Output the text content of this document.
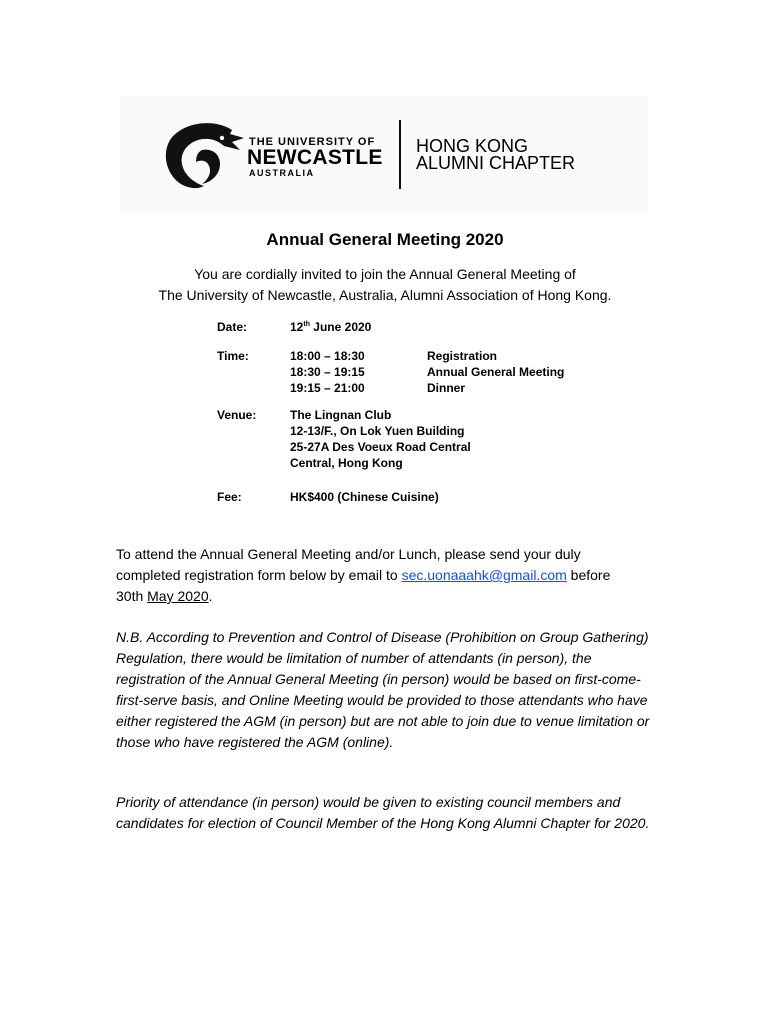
THE UNIVERSITY OF
NEWCASTLE
AUSTRALIA
HONG KONG
ALUMNI CHAPTER
Annual General Meeting 2020
You are cordially invited to join the Annual General Meeting of
The University of Newcastle, Australia, Alumni Association of Hong Kong.
Date:	12th June 2020
Time:	18:00 – 18:30	Registration
18:30 – 19:15	Annual General Meeting
19:15 – 21:00	Dinner
Venue:	The Lingnan Club
12-13/F., On Lok Yuen Building
25-27A Des Voeux Road Central
Central, Hong Kong
Fee:	HK$400 (Chinese Cuisine)
To attend the Annual General Meeting and/or Lunch, please send your duly
completed registration form below by email to sec.uonaaahk@gmail.com before
30th May 2020.
N.B. According to Prevention and Control of Disease (Prohibition on Group Gathering) Regulation, there would be limitation of number of attendants (in person), the registration of the Annual General Meeting (in person) would be based on first-come-first-serve basis, and Online Meeting would be provided to those attendants who have either registered the AGM (in person) but are not able to join due to venue limitation or those who have registered the AGM (online).
Priority of attendance (in person) would be given to existing council members and candidates for election of Council Member of the Hong Kong Alumni Chapter for 2020.
